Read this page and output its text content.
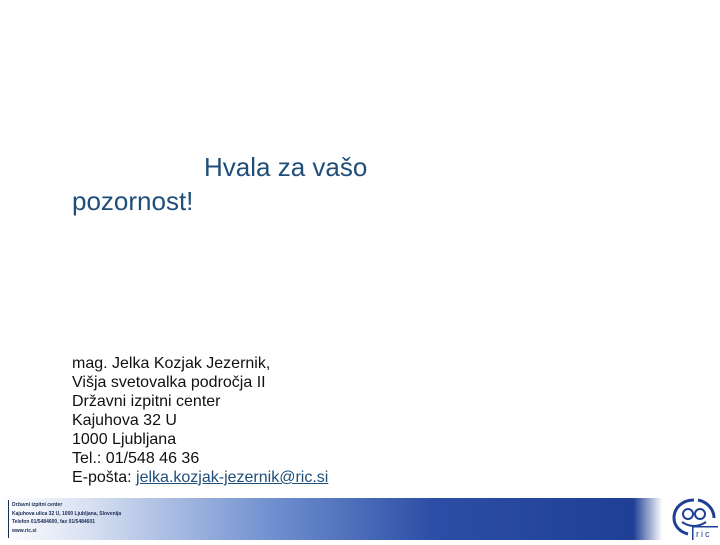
Hvala za vašo
pozornost!
mag. Jelka Kozjak Jezernik,
Višja svetovalka področja II
Državni izpitni center
Kajuhova 32 U
1000 Ljubljana
Tel.: 01/548 46 36
E-pošta: jelka.kozjak-jezernik@ric.si
Državni izpitni center
Kajuhova ulica 32 U, 1000 Ljubljana, Slovenija
Telefon 01/5484600, fax 01/5484601
www.ric.si	ric
